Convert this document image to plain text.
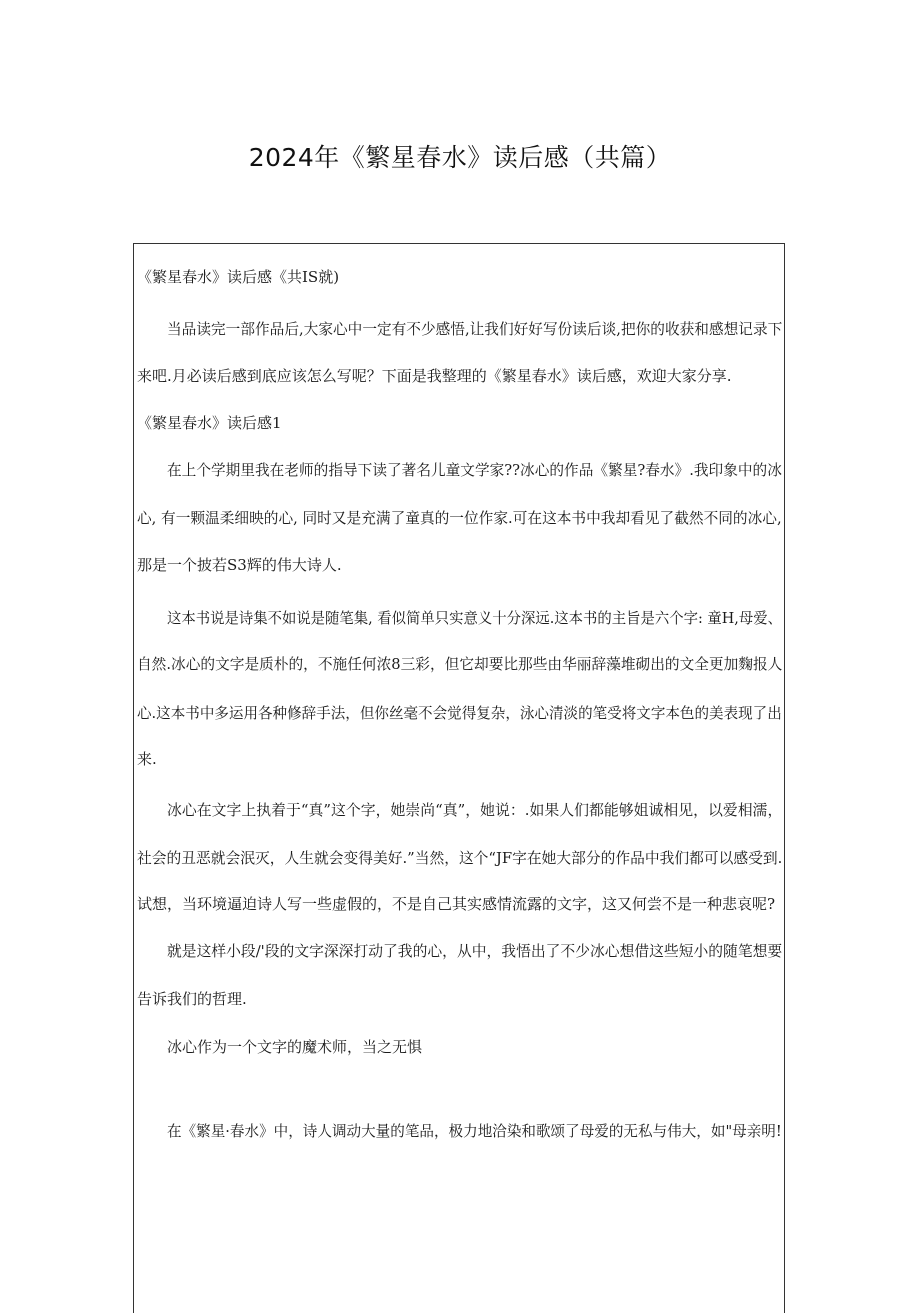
2024年《繁星春水》读后感（共篇）
《繁星春水》读后感《共IS就)
当品读完一部作品后,大家心中一定有不少感悟,让我们好好写份读后谈,把你的收获和感想记录下
来吧.月必读后感到底应该怎么写呢？下面是我整理的《繁星春水》读后感，欢迎大家分享.
《繁星春水》读后感1
在上个学期里我在老师的指导下读了著名儿童文学家??冰心的作品《繁星?春水》.我印象中的冰
心, 有一颗温柔细映的心, 同时又是充满了童真的一位作家.可在这本书中我却看见了截然不同的冰心,
那是一个披若S3辉的伟大诗人.
这本书说是诗集不如说是随笔集, 看似简单只实意义十分深远.这本书的主旨是六个字: 童H,母爱、
自然.冰心的文字是质朴的，不施任何浓8三彩，但它却要比那些由华丽辞藻堆砌出的文全更加麴报人
心.这本书中多运用各种修辞手法，但你丝毫不会觉得复杂，泳心清淡的笔受将文字本色的美表现了出
来.
冰心在文字上执着于“真”这个字，她崇尚“真”，她说：.如果人们都能够姐诚相见，以爱相濡，
社会的丑恶就会泯灭，人生就会变得美好.”当然，这个“JF字在她大部分的作品中我们都可以感受到.
试想，当环境逼迫诗人写一些虚假的，不是自己其实感情流露的文字，这又何尝不是一种悲哀呢?
就是这样小段∕'段的文字深深打动了我的心，从中，我悟出了不少冰心想借这些短小的随笔想要
告诉我们的哲理.
冰心作为一个文字的魔术师，当之无惧
在《繁星·春水》中，诗人调动大量的笔品，极力地洽染和歌颂了母爱的无私与伟大，如"母亲明!
